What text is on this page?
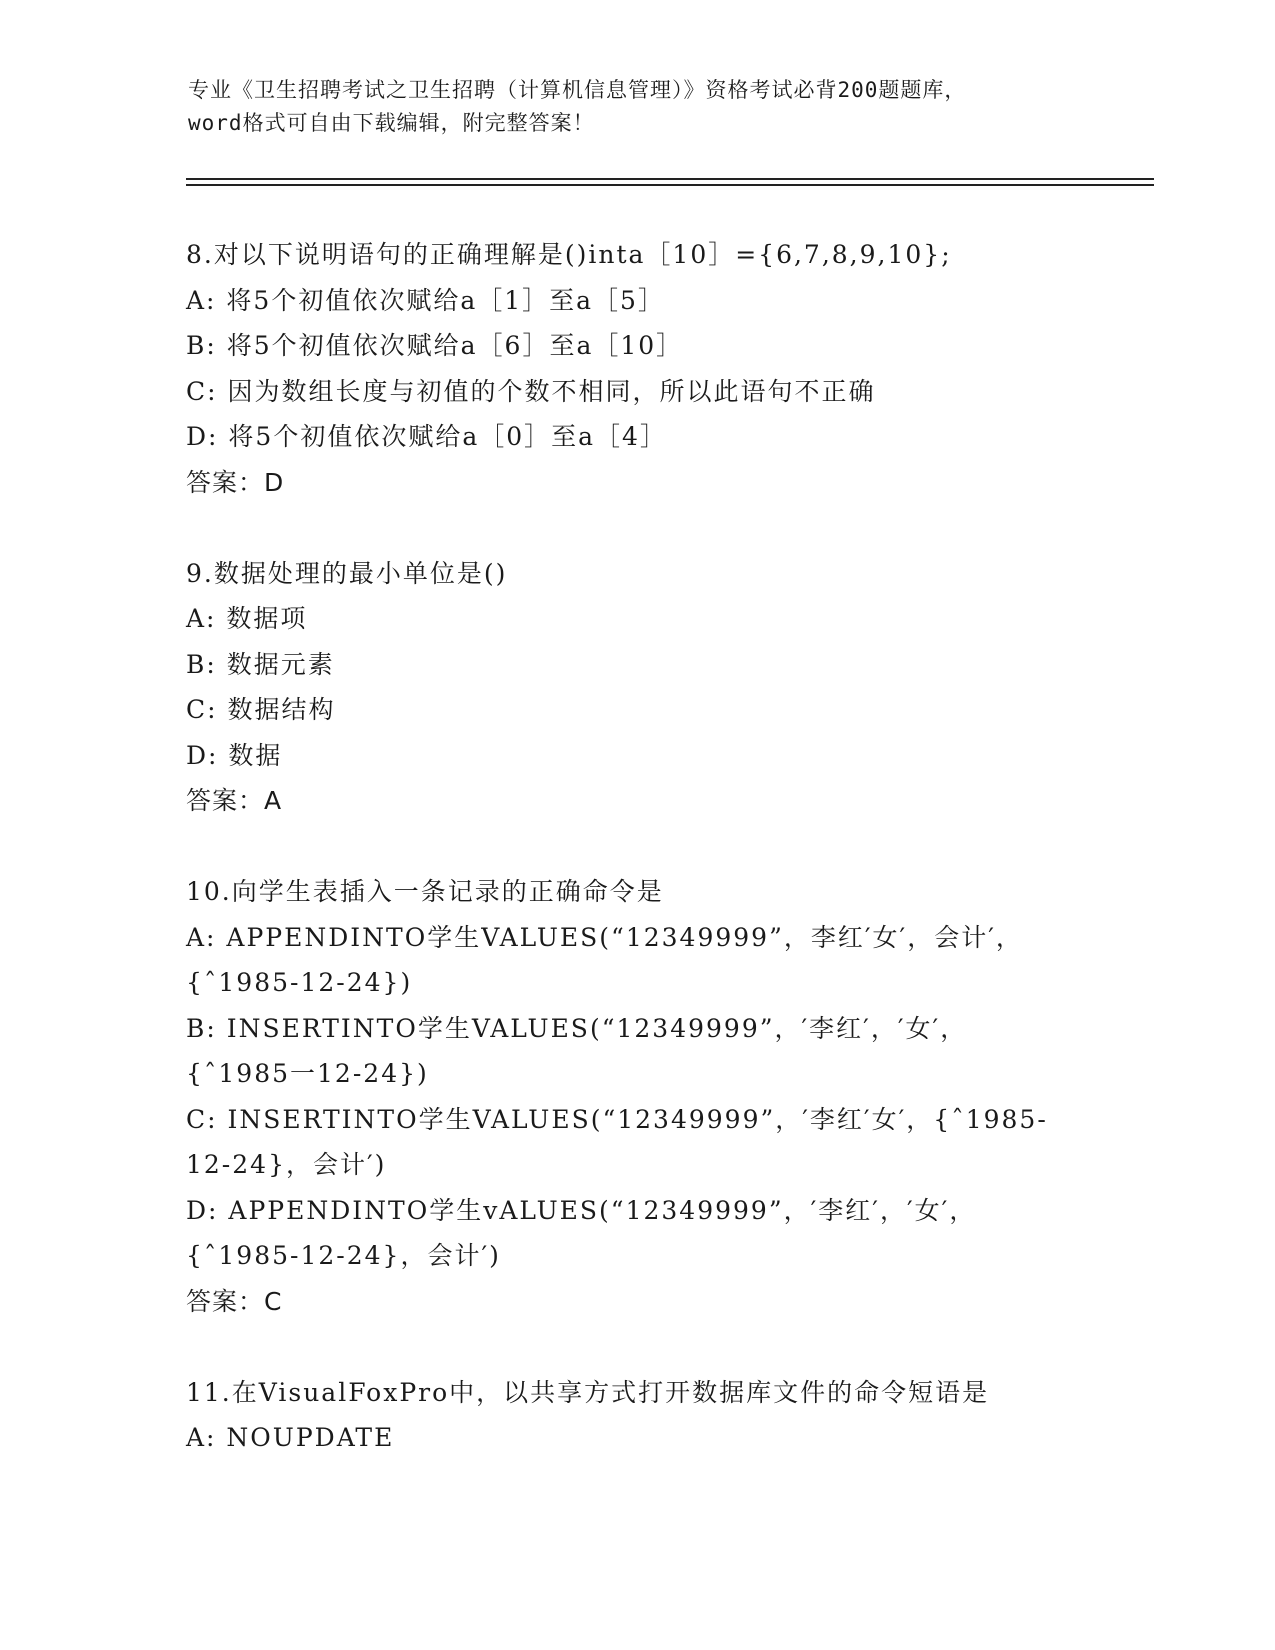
专业《卫生招聘考试之卫生招聘（计算机信息管理）》资格考试必背200题题库，
word格式可自由下载编辑，附完整答案！
8.对以下说明语句的正确理解是()inta［10］={6,7,8,9,10};
A: 将5个初值依次赋给a［1］至a［5］
B: 将5个初值依次赋给a［6］至a［10］
C: 因为数组长度与初值的个数不相同，所以此语句不正确
D: 将5个初值依次赋给a［0］至a［4］
答案：D
9.数据处理的最小单位是()
A: 数据项
B: 数据元素
C: 数据结构
D: 数据
答案：A
10.向学生表插入一条记录的正确命令是
A: APPENDINTO学生VALUES(“12349999”，李红′女′，会计′，
{ˆ1985-12-24})
B: INSERTINTO学生VALUES(“12349999”，′李红′，′女′，
{ˆ1985一12-24})
C: INSERTINTO学生VALUES(“12349999”，′李红′女′，{ˆ1985-
12-24}，会计′)
D: APPENDINTO学生vALUES(“12349999”，′李红′，′女′，
{ˆ1985-12-24}，会计′)
答案：C
11.在VisualFoxPro中，以共享方式打开数据库文件的命令短语是
A: NOUPDATE
